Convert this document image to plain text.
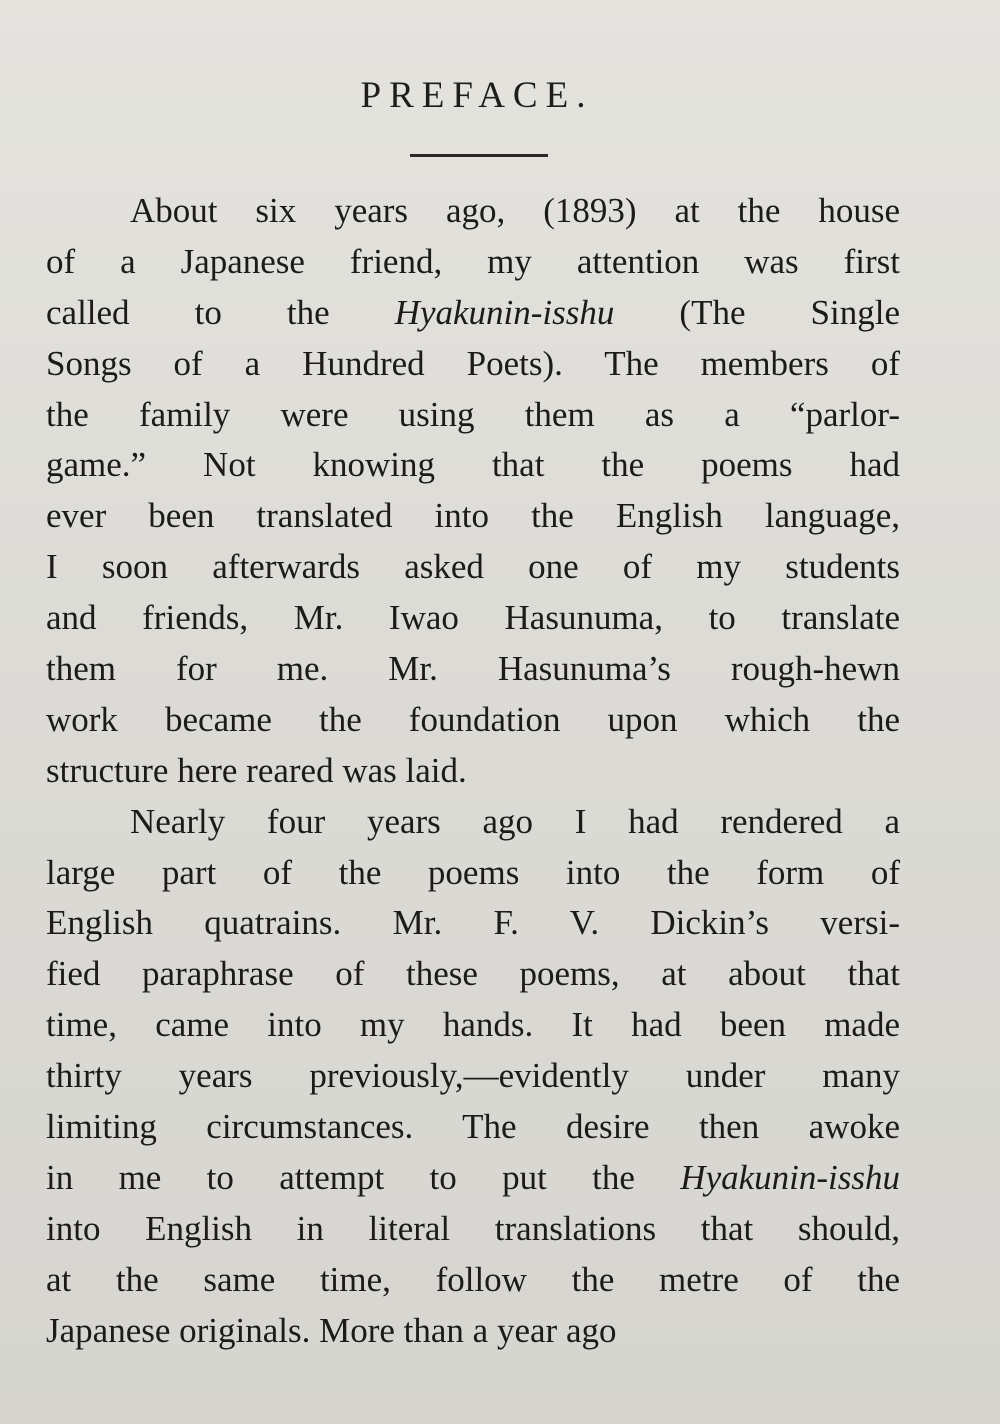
PREFACE.
About six years ago, (1893) at the house
of a Japanese friend, my attention was first
called to the Hyakunin-isshu (The Single
Songs of a Hundred Poets). The members of
the family were using them as a “parlor-
game.” Not knowing that the poems had
ever been translated into the English language,
I soon afterwards asked one of my students
and friends, Mr. Iwao Hasunuma, to translate
them for me. Mr. Hasunuma’s rough-hewn
work became the foundation upon which the
structure here reared was laid.
Nearly four years ago I had rendered a
large part of the poems into the form of
English quatrains. Mr. F. V. Dickin’s versi-
fied paraphrase of these poems, at about that
time, came into my hands. It had been made
thirty years previously,—evidently under many
limiting circumstances. The desire then awoke
in me to attempt to put the Hyakunin-isshu
into English in literal translations that should,
at the same time, follow the metre of the
Japanese originals. More than a year ago
